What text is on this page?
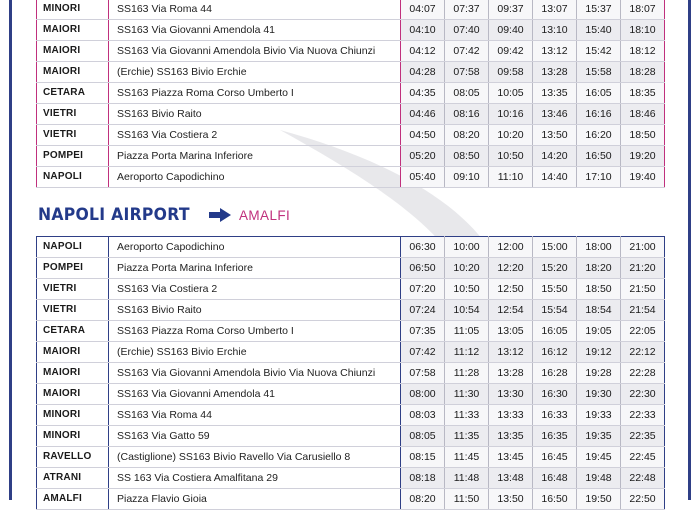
MINORI	SS163 Via Roma 44	04:07	07:37	09:37	13:07	15:37	18:07
MAIORI	SS163 Via Giovanni Amendola 41	04:10	07:40	09:40	13:10	15:40	18:10
MAIORI	SS163 Via Giovanni Amendola Bivio Via Nuova Chiunzi	04:12	07:42	09:42	13:12	15:42	18:12
MAIORI	(Erchie) SS163 Bivio Erchie	04:28	07:58	09:58	13:28	15:58	18:28
CETARA	SS163 Piazza Roma Corso Umberto I	04:35	08:05	10:05	13:35	16:05	18:35
VIETRI	SS163 Bivio Raito	04:46	08:16	10:16	13:46	16:16	18:46
VIETRI	SS163 Via Costiera 2	04:50	08:20	10:20	13:50	16:20	18:50
POMPEI	Piazza Porta Marina Inferiore	05:20	08:50	10:50	14:20	16:50	19:20
NAPOLI	Aeroporto Capodichino	05:40	09:10	11:10	14:40	17:10	19:40
NAPOLI AIRPORT	AMALFI
NAPOLI	Aeroporto Capodichino	06:30	10:00	12:00	15:00	18:00	21:00
POMPEI	Piazza Porta Marina Inferiore	06:50	10:20	12:20	15:20	18:20	21:20
VIETRI	SS163 Via Costiera 2	07:20	10:50	12:50	15:50	18:50	21:50
VIETRI	SS163 Bivio Raito	07:24	10:54	12:54	15:54	18:54	21:54
CETARA	SS163 Piazza Roma Corso Umberto I	07:35	11:05	13:05	16:05	19:05	22:05
MAIORI	(Erchie) SS163 Bivio Erchie	07:42	11:12	13:12	16:12	19:12	22:12
MAIORI	SS163 Via Giovanni Amendola Bivio Via Nuova Chiunzi	07:58	11:28	13:28	16:28	19:28	22:28
MAIORI	SS163 Via Giovanni Amendola 41	08:00	11:30	13:30	16:30	19:30	22:30
MINORI	SS163 Via Roma 44	08:03	11:33	13:33	16:33	19:33	22:33
MINORI	SS163 Via Gatto 59	08:05	11:35	13:35	16:35	19:35	22:35
RAVELLO	(Castiglione) SS163 Bivio Ravello Via Carusiello 8	08:15	11:45	13:45	16:45	19:45	22:45
ATRANI	SS 163 Via Costiera Amalfitana 29	08:18	11:48	13:48	16:48	19:48	22:48
AMALFI	Piazza Flavio Gioia	08:20	11:50	13:50	16:50	19:50	22:50
